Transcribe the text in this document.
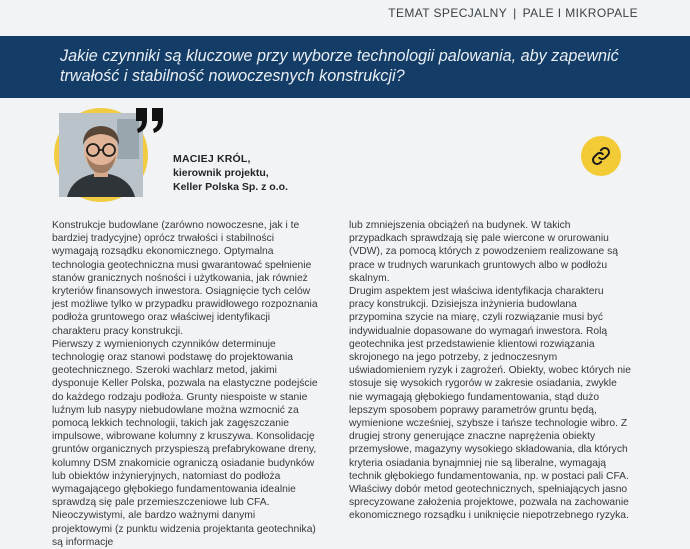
TEMAT SPECJALNY | PALE I MIKROPALE
Jakie czynniki są kluczowe przy wyborze technologii palowania, aby zapewnić trwałość i stabilność nowoczesnych konstrukcji?
MACIEJ KRÓL,
kierownik projektu,
Keller Polska Sp. z o.o.

Konstrukcje budowlane (zarówno nowoczesne, jak i te bardziej tradycyjne) oprócz trwałości i stabilności wymagają rozsądku ekonomicznego. Optymalna technologia geotechniczna musi gwarantować spełnienie stanów granicznych nośności i użytkowania, jak również kryteriów finansowych inwestora. Osiągnięcie tych celów jest możliwe tylko w przypadku prawidłowego rozpoznania podłoża gruntowego oraz właściwej identyfikacji charakteru pracy konstrukcji.

Pierwszy z wymienionych czynników determinuje technologię oraz stanowi podstawę do projektowania geotechnicznego. Szeroki wachlarz metod, jakimi dysponuje Keller Polska, pozwala na elastyczne podejście do każdego rodzaju podłoża. Grunty niespoiste w stanie luźnym lub nasypy niebudowlane można wzmocnić za pomocą lekkich technologii, takich jak zagęszczanie impulsowe, wibrowane kolumny z kruszywa. Konsolidację gruntów organicznych przyspieszą prefabrykowane dreny, kolumny DSM znakomicie ograniczą osiadanie budynków lub obiektów inżynieryjnych, natomiast do podłoża wymagającego głębokiego fundamentowania idealnie sprawdzą się pale przemieszczeniowe lub CFA.

Nieoczywistymi, ale bardzo ważnymi danymi projektowymi (z punktu widzenia projektanta geotechnika) są informacje

lub zmniejszenia obciążeń na budynek. W takich przypadkach sprawdzają się pale wiercone w orurowaniu (VDW), za pomocą których z powodzeniem realizowane są prace w trudnych warunkach gruntowych albo w podłożu skalnym.

Drugim aspektem jest właściwa identyfikacja charakteru pracy konstrukcji. Dzisiejsza inżynieria budowlana przypomina szycie na miarę, czyli rozwiązanie musi być indywidualnie dopasowane do wymagań inwestora. Rolą geotechnika jest przedstawienie klientowi rozwiązania skrojonego na jego potrzeby, z jednoczesnym uświadomieniem ryzyk i zagrożeń. Obiekty, wobec których nie stosuje się wysokich rygorów w zakresie osiadania, zwykle nie wymagają głębokiego fundamentowania, stąd dużo lepszym sposobem poprawy parametrów gruntu będą, wymienione wcześniej, szybsze i tańsze technologie wibro. Z drugiej strony generujące znaczne naprężenia obiekty przemysłowe, magazyny wysokiego składowania, dla których kryteria osiadania bynajmniej nie są liberalne, wymagają technik głębokiego fundamentowania, np. w postaci pali CFA. Właściwy dobór metod geotechnicznych, spełniających jasno sprecyzowane założenia projektowe, pozwala na zachowanie ekonomicznego rozsądku i uniknięcie niepotrzebnego ryzyka.
